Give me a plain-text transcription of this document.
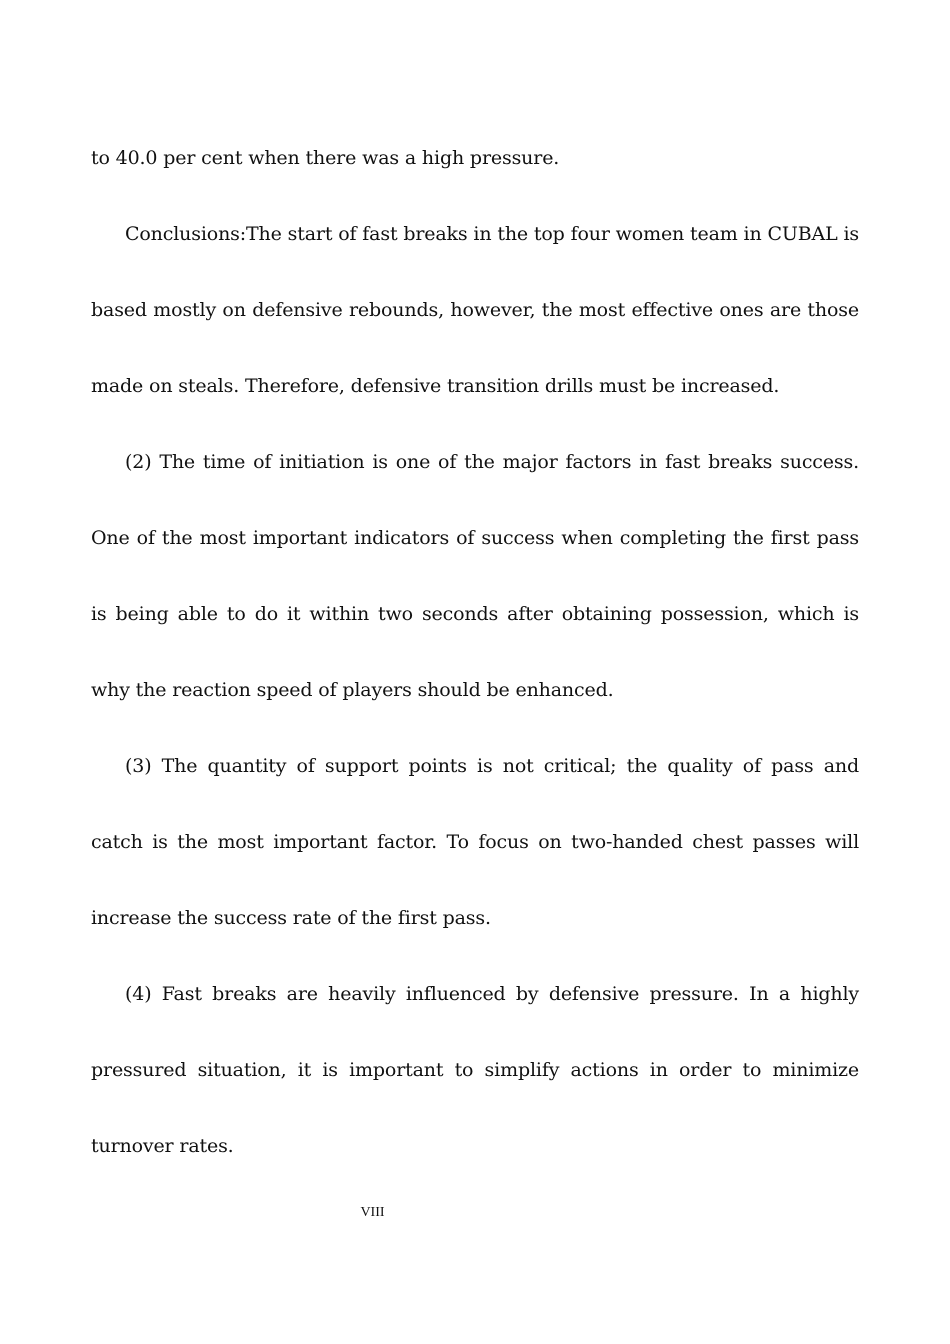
to 40.0 per cent when there was a high pressure.

Conclusions:The start of fast breaks in the top four women team in CUBAL is based mostly on defensive rebounds, however, the most effective ones are those made on steals. Therefore, defensive transition drills must be increased.

(2) The time of initiation is one of the major factors in fast breaks success. One of the most important indicators of success when completing the first pass is being able to do it within two seconds after obtaining possession, which is why the reaction speed of players should be enhanced.

(3) The quantity of support points is not critical; the quality of pass and catch is the most important factor. To focus on two-handed chest passes will increase the success rate of the first pass.

(4) Fast breaks are heavily influenced by defensive pressure. In a highly pressured situation, it is important to simplify actions in order to minimize turnover rates.

VIII
